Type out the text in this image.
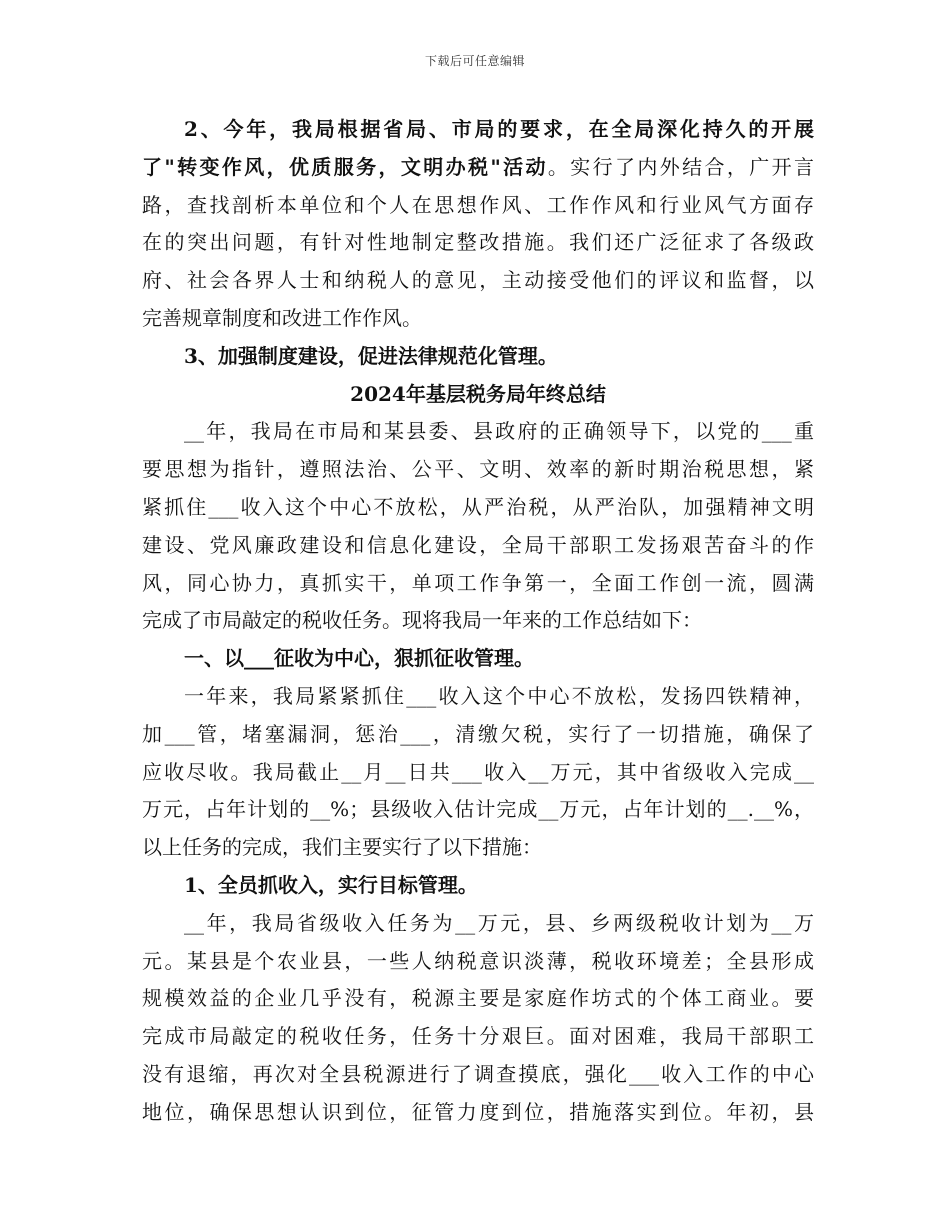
下载后可任意编辑
2、今年，我局根据省局、市局的要求，在全局深化持久的开展
了"转变作风，优质服务，文明办税"活动。实行了内外结合，广开言
路，查找剖析本单位和个人在思想作风、工作作风和行业风气方面存
在的突出问题，有针对性地制定整改措施。我们还广泛征求了各级政
府、社会各界人士和纳税人的意见，主动接受他们的评议和监督，以
完善规章制度和改进工作作风。
3、加强制度建设，促进法律规范化管理。
2024年基层税务局年终总结
__年，我局在市局和某县委、县政府的正确领导下，以党的___重
要思想为指针，遵照法治、公平、文明、效率的新时期治税思想，紧
紧抓住___收入这个中心不放松，从严治税，从严治队，加强精神文明
建设、党风廉政建设和信息化建设，全局干部职工发扬艰苦奋斗的作
风，同心协力，真抓实干，单项工作争第一，全面工作创一流，圆满
完成了市局敲定的税收任务。现将我局一年来的工作总结如下：
一、以___征收为中心，狠抓征收管理。
一年来，我局紧紧抓住___收入这个中心不放松，发扬四铁精神，
加___管，堵塞漏洞，惩治___，清缴欠税，实行了一切措施，确保了
应收尽收。我局截止__月__日共___收入__万元，其中省级收入完成__
万元，占年计划的__%；县级收入估计完成__万元，占年计划的__.__%，
以上任务的完成，我们主要实行了以下措施：
1、全员抓收入，实行目标管理。
__年，我局省级收入任务为__万元，县、乡两级税收计划为__万
元。某县是个农业县，一些人纳税意识淡薄，税收环境差；全县形成
规模效益的企业几乎没有，税源主要是家庭作坊式的个体工商业。要
完成市局敲定的税收任务，任务十分艰巨。面对困难，我局干部职工
没有退缩，再次对全县税源进行了调查摸底，强化___收入工作的中心
地位，确保思想认识到位，征管力度到位，措施落实到位。年初，县
